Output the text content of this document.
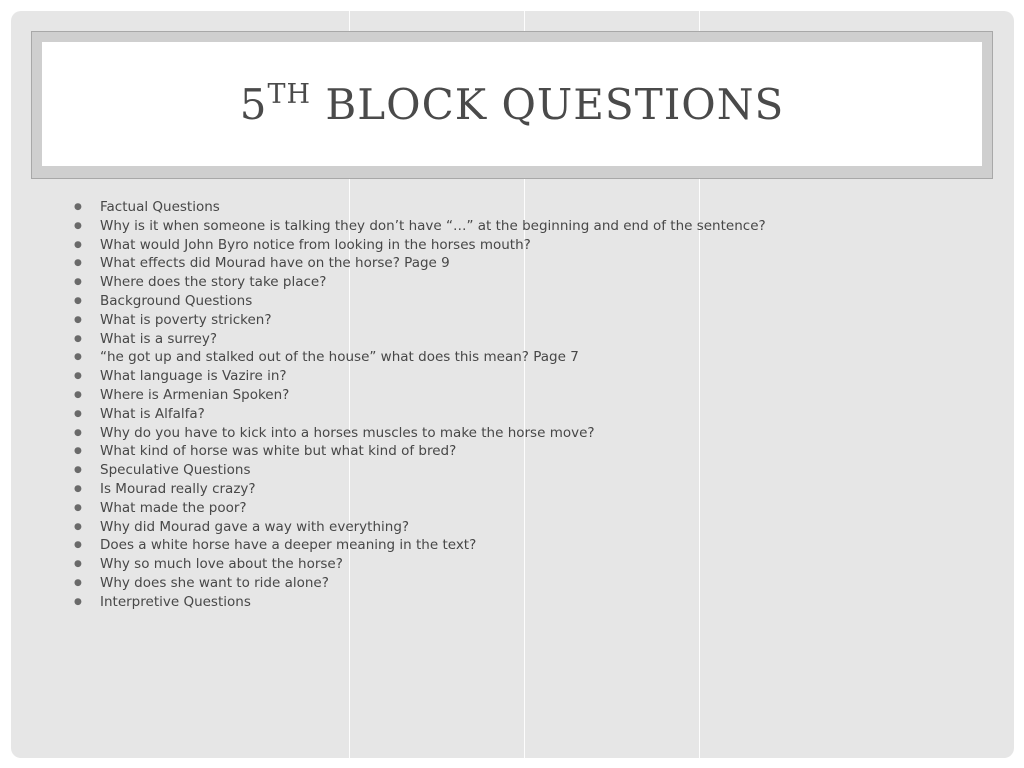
5TH BLOCK QUESTIONS
● Factual Questions
● Why is it when someone is talking they don’t have “…” at the beginning and end of the sentence?
● What would John Byro notice from looking in the horses mouth?
● What effects did Mourad have on the horse? Page 9
● Where does the story take place?
● Background Questions
● What is poverty stricken?
● What is a surrey?
● “he got up and stalked out of the house” what does this mean? Page 7
● What language is Vazire in?
● Where is Armenian Spoken?
● What is Alfalfa?
● Why do you have to kick into a horses muscles to make the horse move?
● What kind of horse was white but what kind of bred?
● Speculative Questions
● Is Mourad really crazy?
● What made the poor?
● Why did Mourad gave a way with everything?
● Does a white horse have a deeper meaning in the text?
● Why so much love about the horse?
● Why does she want to ride alone?
● Interpretive Questions
